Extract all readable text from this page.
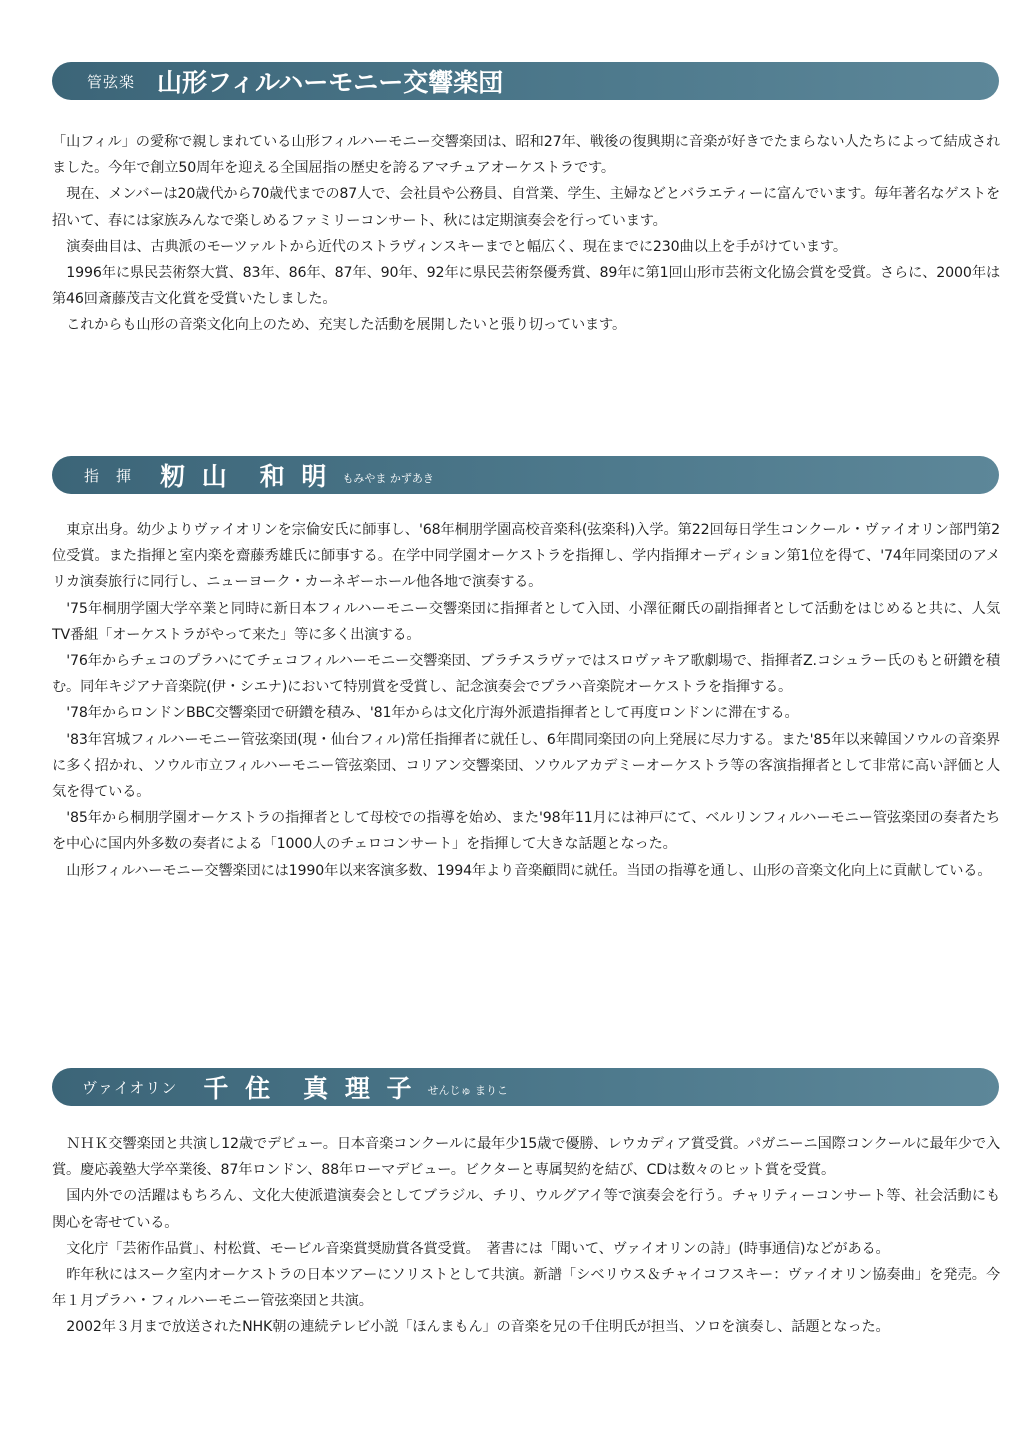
管弦楽 山形フィルハーモニー交響楽団

「山フィル」の愛称で親しまれている山形フィルハーモニー交響楽団は、昭和27年、戦後の復興期に音楽が好きでたまらない人たちによって結成されました。今年で創立50周年を迎える全国屈指の歴史を誇るアマチュアオーケストラです。

現在、メンバーは20歳代から70歳代までの87人で、会社員や公務員、自営業、学生、主婦などとバラエティーに富んでいます。毎年著名なゲストを招いて、春には家族みんなで楽しめるファミリーコンサート、秋には定期演奏会を行っています。

演奏曲目は、古典派のモーツァルトから近代のストラヴィンスキーまでと幅広く、現在までに230曲以上を手がけています。

1996年に県民芸術祭大賞、83年、86年、87年、90年、92年に県民芸術祭優秀賞、89年に第1回山形市芸術文化協会賞を受賞。さらに、2000年は第46回斎藤茂吉文化賞を受賞いたしました。

これからも山形の音楽文化向上のため、充実した活動を展開したいと張り切っています。

指　揮 籾 山　和 明 もみやま かずあき

東京出身。幼少よりヴァイオリンを宗倫安氏に師事し、'68年桐朋学園高校音楽科(弦楽科)入学。第22回毎日学生コンクール・ヴァイオリン部門第2位受賞。また指揮と室内楽を齋藤秀雄氏に師事する。在学中同学園オーケストラを指揮し、学内指揮オーディション第1位を得て、'74年同楽団のアメリカ演奏旅行に同行し、ニューヨーク・カーネギーホール他各地で演奏する。

'75年桐朋学園大学卒業と同時に新日本フィルハーモニー交響楽団に指揮者として入団、小澤征爾氏の副指揮者として活動をはじめると共に、人気TV番組「オーケストラがやって来た」等に多く出演する。

'76年からチェコのプラハにてチェコフィルハーモニー交響楽団、ブラチスラヴァではスロヴァキア歌劇場で、指揮者Z.コシュラー氏のもと研鑚を積む。同年キジアナ音楽院(伊・シエナ)において特別賞を受賞し、記念演奏会でプラハ音楽院オーケストラを指揮する。

'78年からロンドンBBC交響楽団で研鑚を積み、'81年からは文化庁海外派遣指揮者として再度ロンドンに滞在する。

'83年宮城フィルハーモニー管弦楽団(現・仙台フィル)常任指揮者に就任し、6年間同楽団の向上発展に尽力する。また'85年以来韓国ソウルの音楽界に多く招かれ、ソウル市立フィルハーモニー管弦楽団、コリアン交響楽団、ソウルアカデミーオーケストラ等の客演指揮者として非常に高い評価と人気を得ている。

'85年から桐朋学園オーケストラの指揮者として母校での指導を始め、また'98年11月には神戸にて、ベルリンフィルハーモニー管弦楽団の奏者たちを中心に国内外多数の奏者による「1000人のチェロコンサート」を指揮して大きな話題となった。

山形フィルハーモニー交響楽団には1990年以来客演多数、1994年より音楽顧問に就任。当団の指導を通し、山形の音楽文化向上に貢献している。

ヴァイオリン 千 住　真 理 子 せんじゅ まりこ

ＮＨＫ交響楽団と共演し12歳でデビュー。日本音楽コンクールに最年少15歳で優勝、レウカディア賞受賞。パガニーニ国際コンクールに最年少で入賞。慶応義塾大学卒業後、87年ロンドン、88年ローマデビュー。ビクターと専属契約を結び、CDは数々のヒット賞を受賞。

国内外での活躍はもちろん、文化大使派遣演奏会としてブラジル、チリ、ウルグアイ等で演奏会を行う。チャリティーコンサート等、社会活動にも関心を寄せている。

文化庁「芸術作品賞」、村松賞、モービル音楽賞奨励賞各賞受賞。　著書には「聞いて、ヴァイオリンの詩」(時事通信)などがある。

昨年秋にはスーク室内オーケストラの日本ツアーにソリストとして共演。新譜「シベリウス＆チャイコフスキー：ヴァイオリン協奏曲」を発売。今年１月プラハ・フィルハーモニー管弦楽団と共演。

2002年３月まで放送されたNHK朝の連続テレビ小説「ほんまもん」の音楽を兄の千住明氏が担当、ソロを演奏し、話題となった。
